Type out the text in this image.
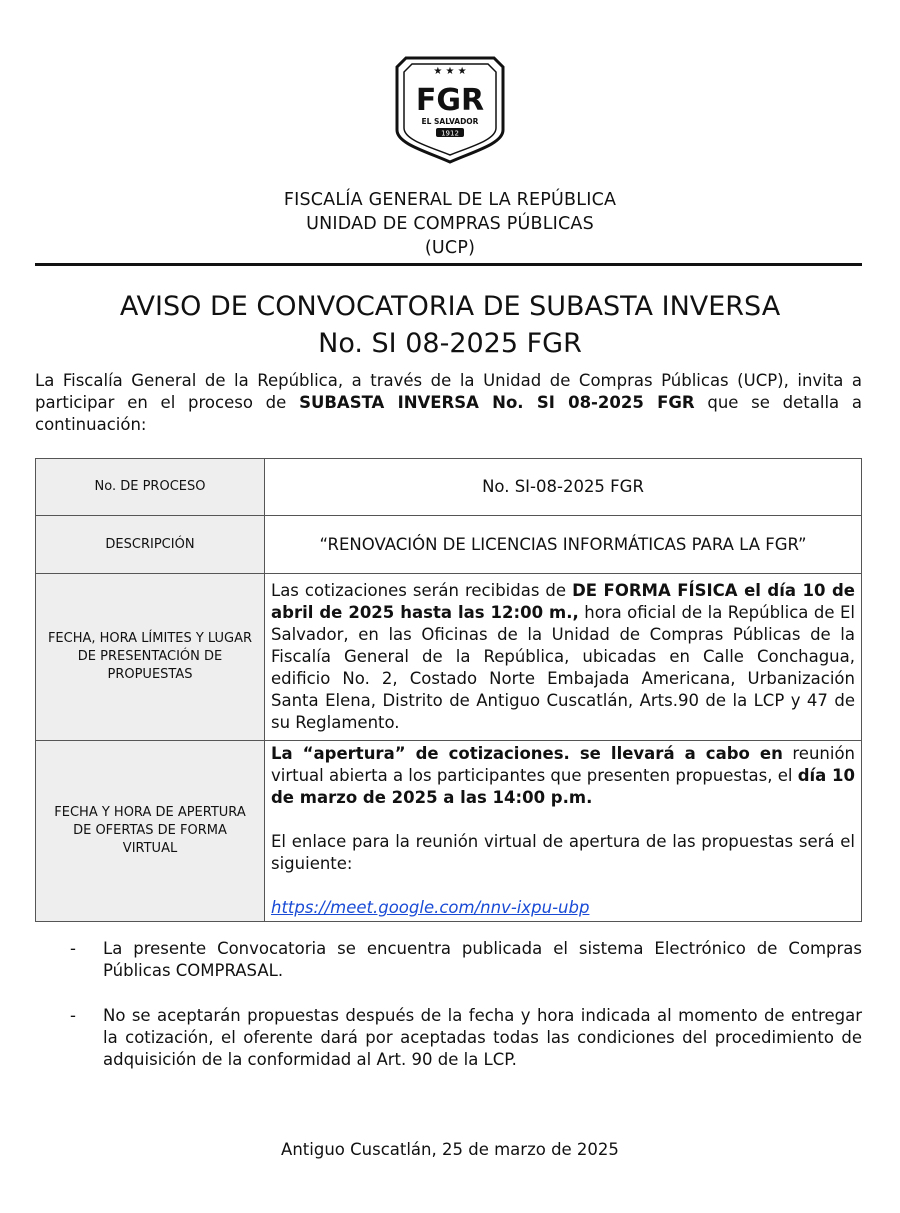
★ ★ ★
FGR
EL SALVADOR
1912
FISCALÍA GENERAL DE LA REPÚBLICA
UNIDAD DE COMPRAS PÚBLICAS
(UCP)
AVISO DE CONVOCATORIA DE SUBASTA INVERSA
No. SI 08-2025 FGR
La Fiscalía General de la República, a través de la Unidad de Compras Públicas (UCP), invita a participar en el proceso de SUBASTA INVERSA No. SI 08-2025 FGR que se detalla a continuación:
No. DE PROCESO	No. SI-08-2025 FGR
DESCRIPCIÓN	“RENOVACIÓN DE LICENCIAS INFORMÁTICAS PARA LA FGR”
FECHA, HORA LÍMITES Y LUGAR DE PRESENTACIÓN DE PROPUESTAS	Las cotizaciones serán recibidas de DE FORMA FÍSICA el día 10 de abril de 2025 hasta las 12:00 m., hora oficial de la República de El Salvador, en las Oficinas de la Unidad de Compras Públicas de la Fiscalía General de la República, ubicadas en Calle Conchagua, edificio No. 2, Costado Norte Embajada Americana, Urbanización Santa Elena, Distrito de Antiguo Cuscatlán, Arts.90 de la LCP y 47 de su Reglamento.
FECHA Y HORA DE APERTURA DE OFERTAS DE FORMA VIRTUAL	La “apertura” de cotizaciones. se llevará a cabo en reunión virtual abierta a los participantes que presenten propuestas, el día 10 de marzo de 2025 a las 14:00 p.m.

El enlace para la reunión virtual de apertura de las propuestas será el siguiente:

https://meet.google.com/nnv-ixpu-ubp

-	La presente Convocatoria se encuentra publicada el sistema Electrónico de Compras Públicas COMPRASAL.
-	No se aceptarán propuestas después de la fecha y hora indicada al momento de entregar la cotización, el oferente dará por aceptadas todas las condiciones del procedimiento de adquisición de la conformidad al Art. 90 de la LCP.
Antiguo Cuscatlán, 25 de marzo de 2025
